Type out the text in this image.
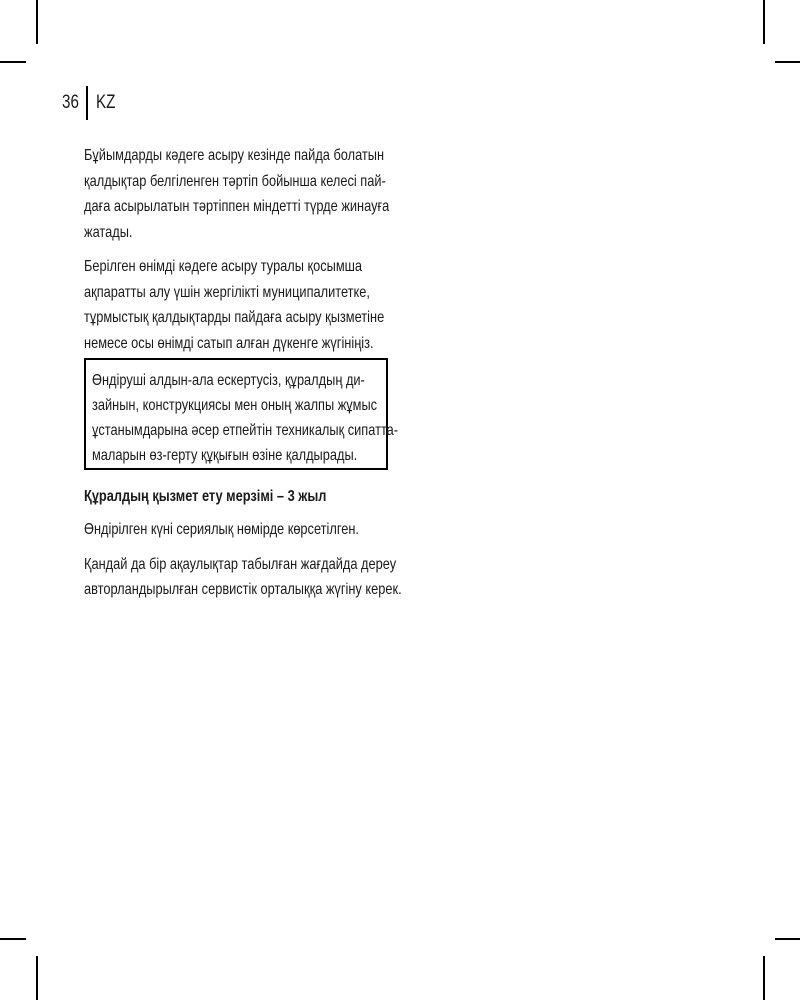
36 KZ

Бұйымдарды кәдеге асыру кезінде пайда болатын
қалдықтар белгіленген тәртіп бойынша келесі пай-
даға асырылатын тәртіппен міндетті түрде жинауға
жатады.

Берілген өнімді кәдеге асыру туралы қосымша
ақпаратты алу үшін жергілікті муниципалитетке,
тұрмыстық қалдықтарды пайдаға асыру қызметіне
немесе осы өнімді сатып алған дүкенге жүгініңіз.

Өндіруші алдын-ала ескертусіз, құралдың ди-
зайнын, конструкциясы мен оның жалпы жұмыс
ұстанымдарына әсер етпейтін техникалық сипатта-
маларын өз-герту құқығын өзіне қалдырады.

Құралдың қызмет ету мерзімі – 3 жыл

Өндірілген күні сериялық нөмірде көрсетілген.

Қандай да бір ақаулықтар табылған жағдайда дереу
авторландырылған сервистік орталыққа жүгіну керек.
